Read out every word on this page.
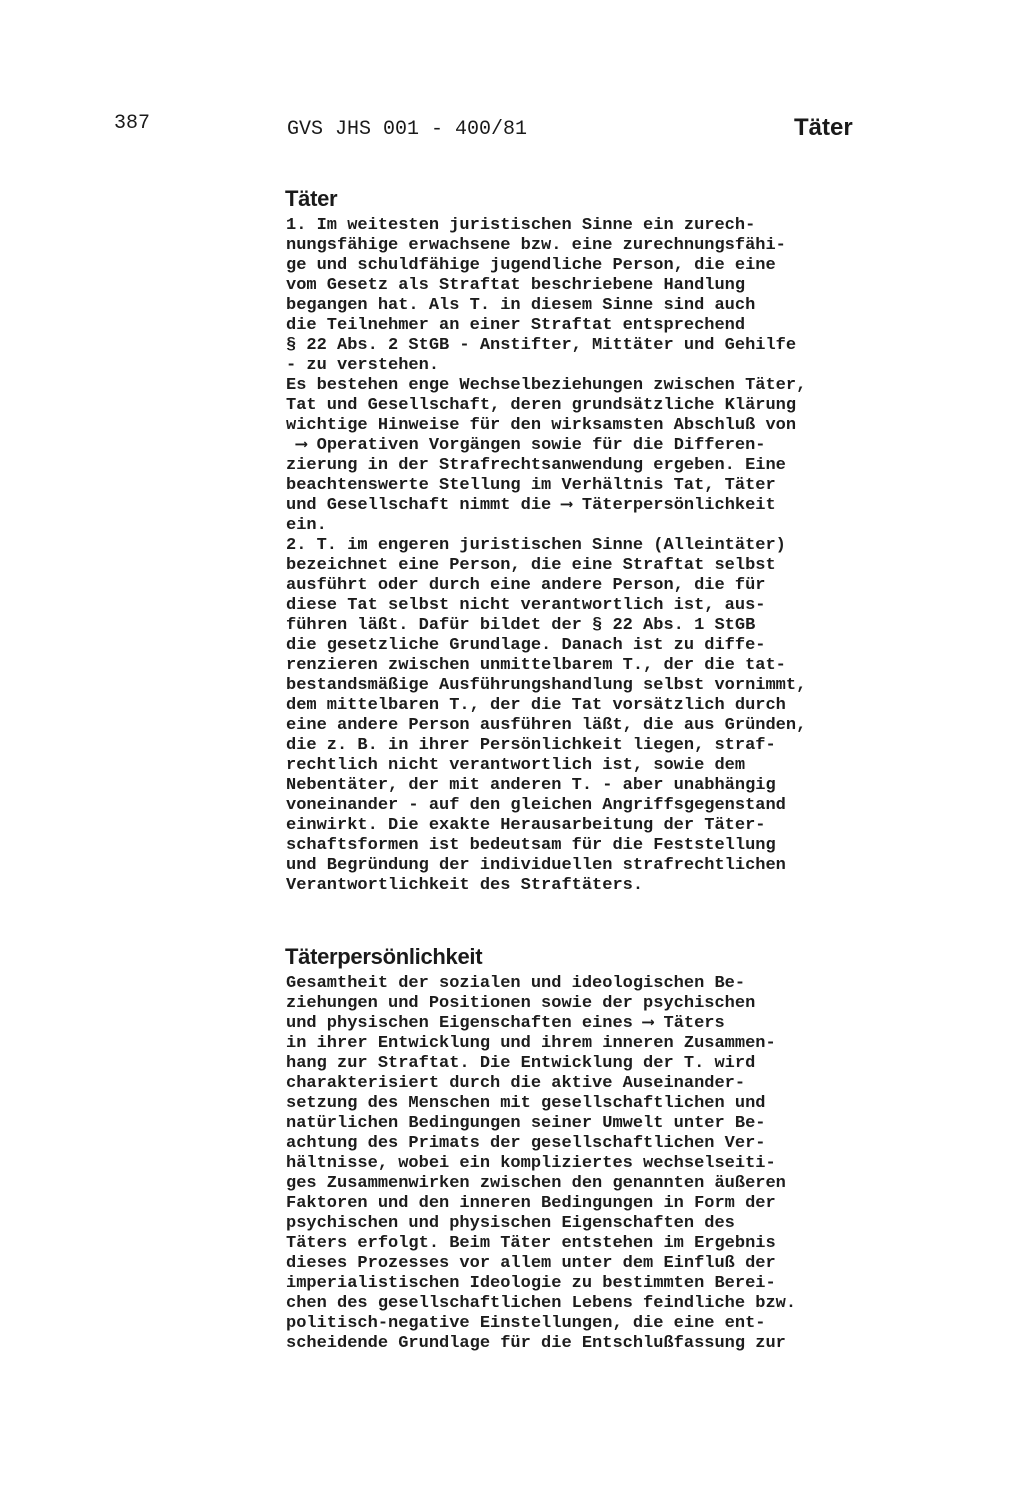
387	GVS JHS 001 - 400/81	Täter
Täter
1. Im weitesten juristischen Sinne ein zurech-
nungsfähige erwachsene bzw. eine zurechnungsfähi-
ge und schuldfähige jugendliche Person, die eine
vom Gesetz als Straftat beschriebene Handlung
begangen hat. Als T. in diesem Sinne sind auch
die Teilnehmer an einer Straftat entsprechend
§ 22 Abs. 2 StGB - Anstifter, Mittäter und Gehilfe
- zu verstehen.
Es bestehen enge Wechselbeziehungen zwischen Täter,
Tat und Gesellschaft, deren grundsätzliche Klärung
wichtige Hinweise für den wirksamsten Abschluß von
⟶ Operativen Vorgängen sowie für die Differen-
zierung in der Strafrechtsanwendung ergeben. Eine
beachtenswerte Stellung im Verhältnis Tat, Täter
und Gesellschaft nimmt die ⟶ Täterpersönlichkeit
ein.
2. T. im engeren juristischen Sinne (Alleintäter)
bezeichnet eine Person, die eine Straftat selbst
ausführt oder durch eine andere Person, die für
diese Tat selbst nicht verantwortlich ist, aus-
führen läßt. Dafür bildet der § 22 Abs. 1 StGB
die gesetzliche Grundlage. Danach ist zu diffe-
renzieren zwischen unmittelbarem T., der die tat-
bestandsmäßige Ausführungshandlung selbst vornimmt,
dem mittelbaren T., der die Tat vorsätzlich durch
eine andere Person ausführen läßt, die aus Gründen,
die z. B. in ihrer Persönlichkeit liegen, straf-
rechtlich nicht verantwortlich ist, sowie dem
Nebentäter, der mit anderen T. - aber unabhängig
voneinander - auf den gleichen Angriffsgegenstand
einwirkt. Die exakte Herausarbeitung der Täter-
schaftsformen ist bedeutsam für die Feststellung
und Begründung der individuellen strafrechtlichen
Verantwortlichkeit des Straftäters.
Täterpersönlichkeit
Gesamtheit der sozialen und ideologischen Be-
ziehungen und Positionen sowie der psychischen
und physischen Eigenschaften eines ⟶ Täters
in ihrer Entwicklung und ihrem inneren Zusammen-
hang zur Straftat. Die Entwicklung der T. wird
charakterisiert durch die aktive Auseinander-
setzung des Menschen mit gesellschaftlichen und
natürlichen Bedingungen seiner Umwelt unter Be-
achtung des Primats der gesellschaftlichen Ver-
hältnisse, wobei ein kompliziertes wechselseiti-
ges Zusammenwirken zwischen den genannten äußeren
Faktoren und den inneren Bedingungen in Form der
psychischen und physischen Eigenschaften des
Täters erfolgt. Beim Täter entstehen im Ergebnis
dieses Prozesses vor allem unter dem Einfluß der
imperialistischen Ideologie zu bestimmten Berei-
chen des gesellschaftlichen Lebens feindliche bzw.
politisch-negative Einstellungen, die eine ent-
scheidende Grundlage für die Entschlußfassung zur
